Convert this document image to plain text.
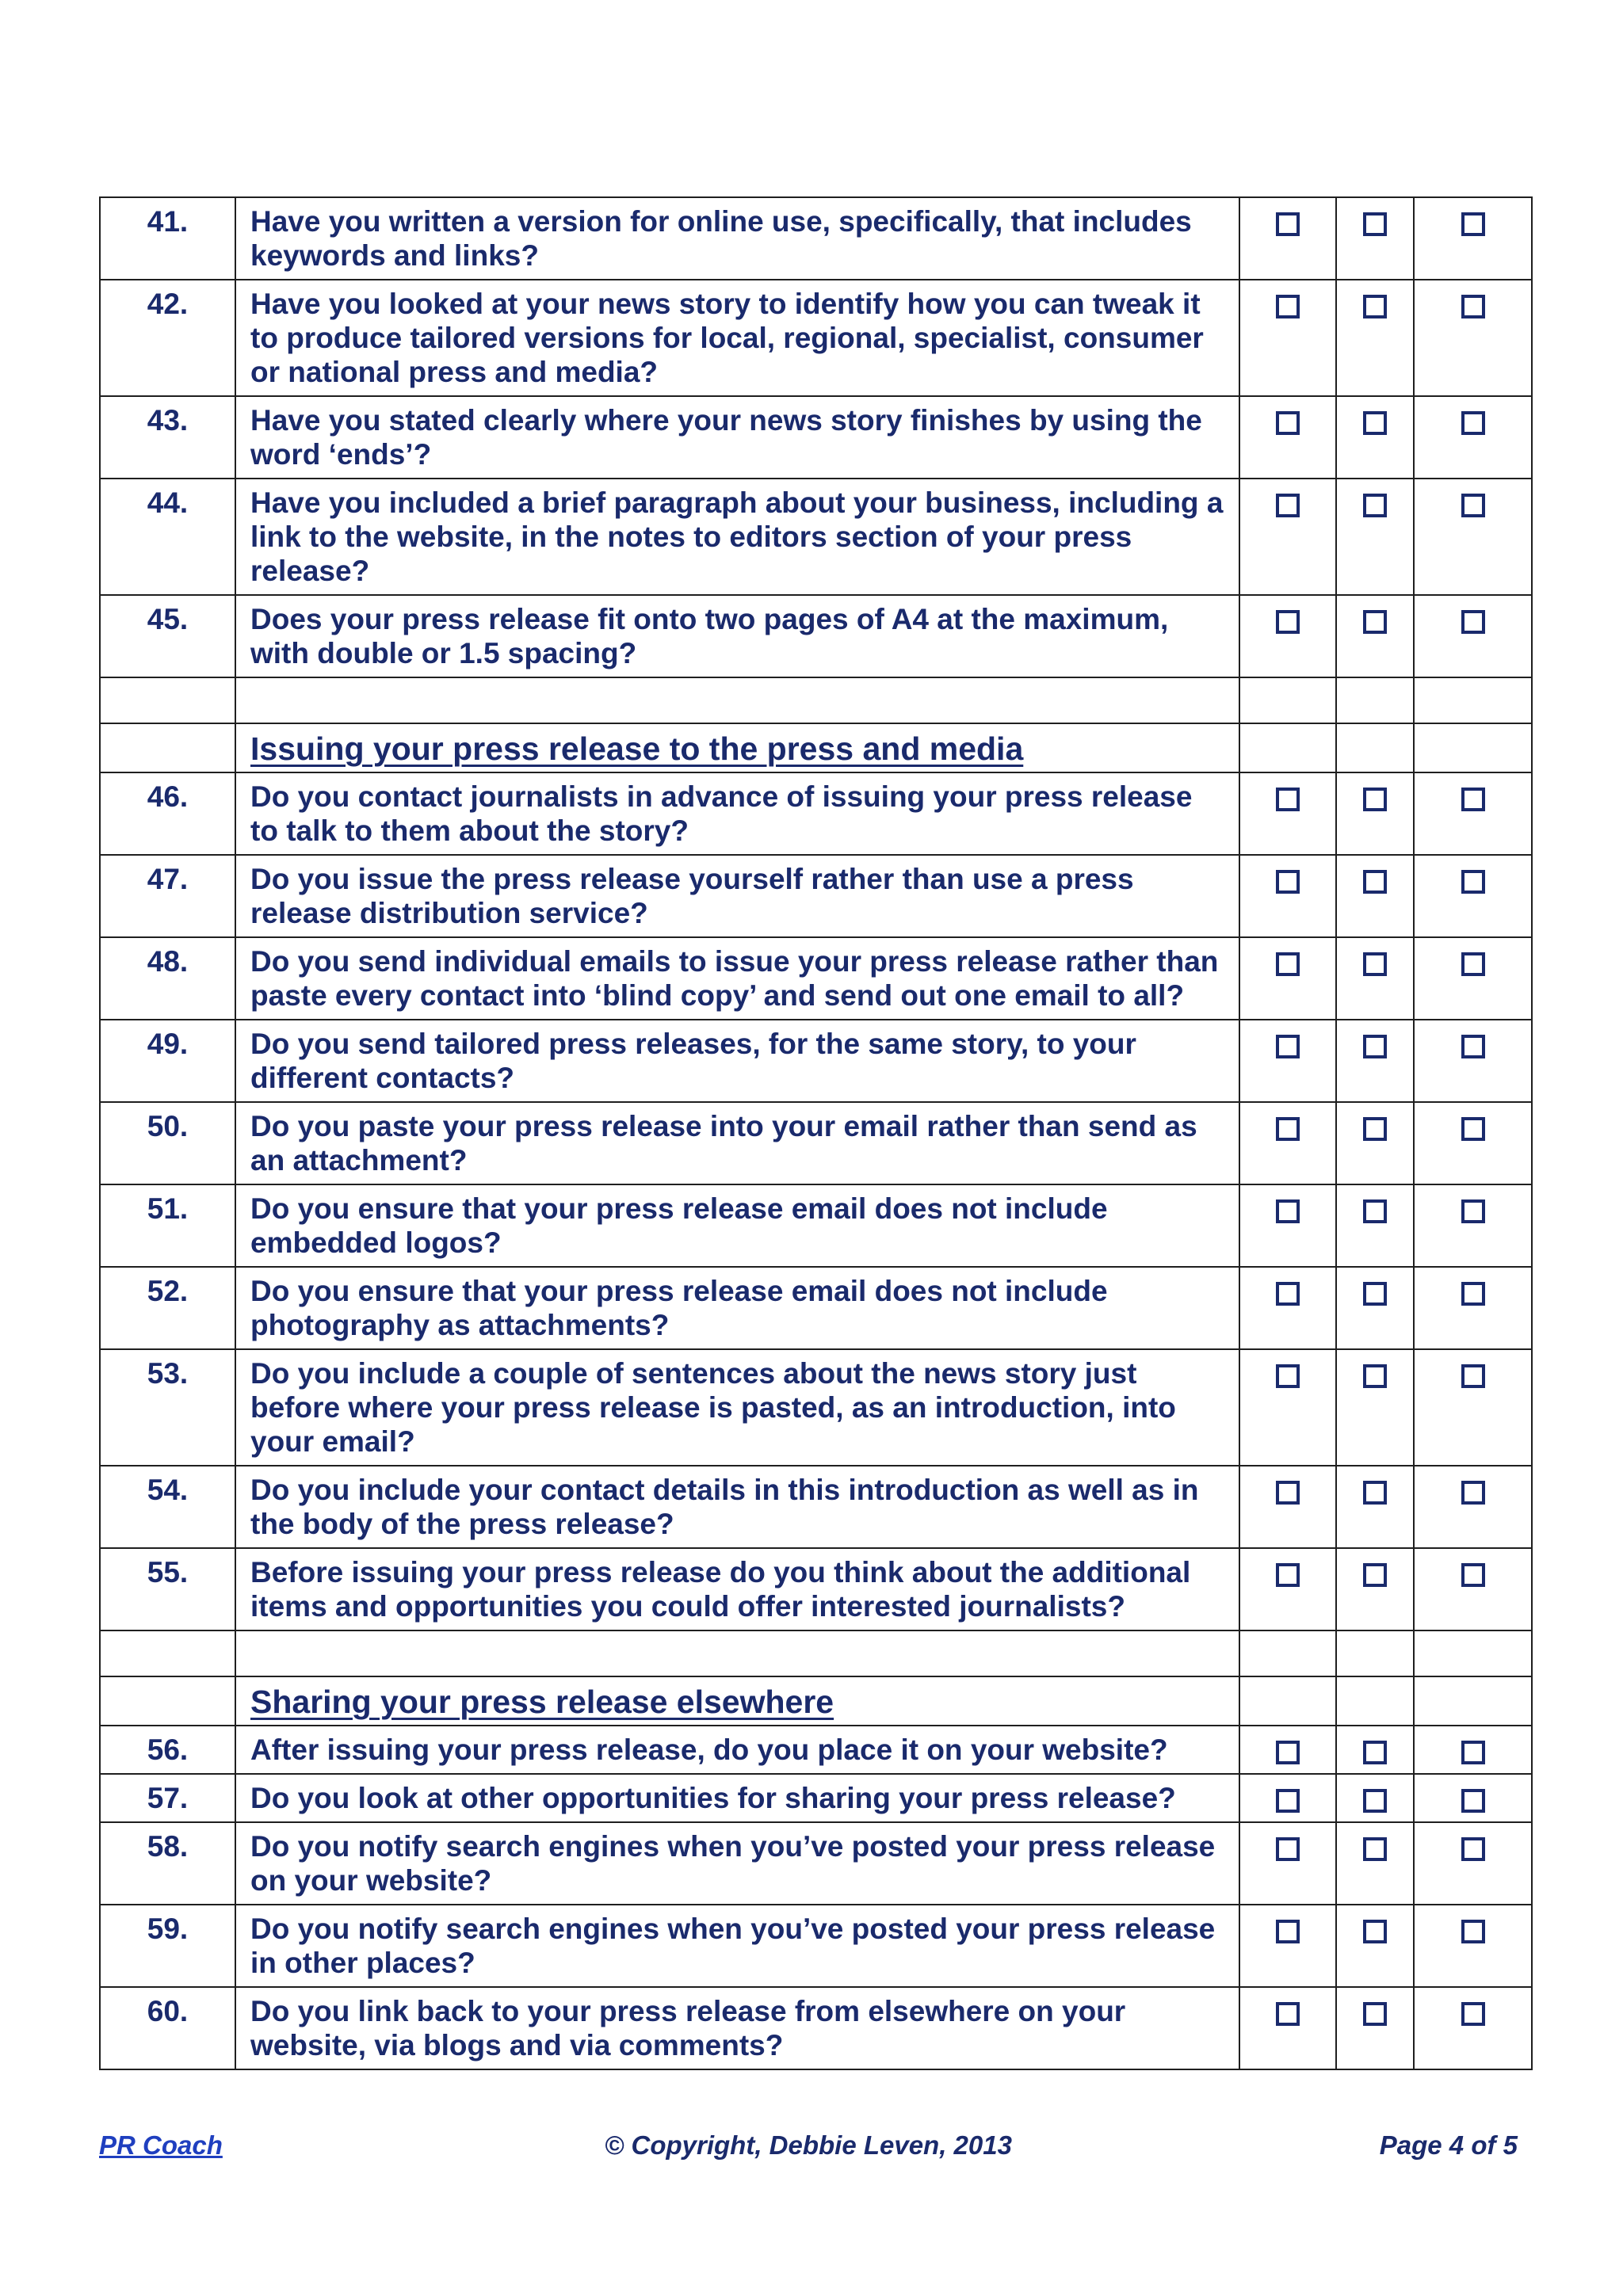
41.	Have you written a version for online use, specifically, that includes keywords and links?			
42.	Have you looked at your news story to identify how you can tweak it to produce tailored versions for local, regional, specialist, consumer or national press and media?			
43.	Have you stated clearly where your news story finishes by using the word ‘ends’?			
44.	Have you included a brief paragraph about your business, including a link to the website, in the notes to editors section of your press release?			
45.	Does your press release fit onto two pages of A4 at the maximum, with double or 1.5 spacing?			

	Issuing your press release to the press and media			
46.	Do you contact journalists in advance of issuing your press release to talk to them about the story?			
47.	Do you issue the press release yourself rather than use a press release distribution service?			
48.	Do you send individual emails to issue your press release rather than paste every contact into ‘blind copy’ and send out one email to all?			
49.	Do you send tailored press releases, for the same story, to your different contacts?			
50.	Do you paste your press release into your email rather than send as an attachment?			
51.	Do you ensure that your press release email does not include embedded logos?			
52.	Do you ensure that your press release email does not include photography as attachments?			
53.	Do you include a couple of sentences about the news story just before where your press release is pasted, as an introduction, into your email?			
54.	Do you include your contact details in this introduction as well as in the body of the press release?			
55.	Before issuing your press release do you think about the additional items and opportunities you could offer interested journalists?			

	Sharing your press release elsewhere			
56.	After issuing your press release, do you place it on your website?			
57.	Do you look at other opportunities for sharing your press release?			
58.	Do you notify search engines when you’ve posted your press release on your website?			
59.	Do you notify search engines when you’ve posted your press release in other places?			
60.	Do you link back to your press release from elsewhere on your website, via blogs and via comments?			
PR Coach	© Copyright, Debbie Leven, 2013	Page 4 of 5
